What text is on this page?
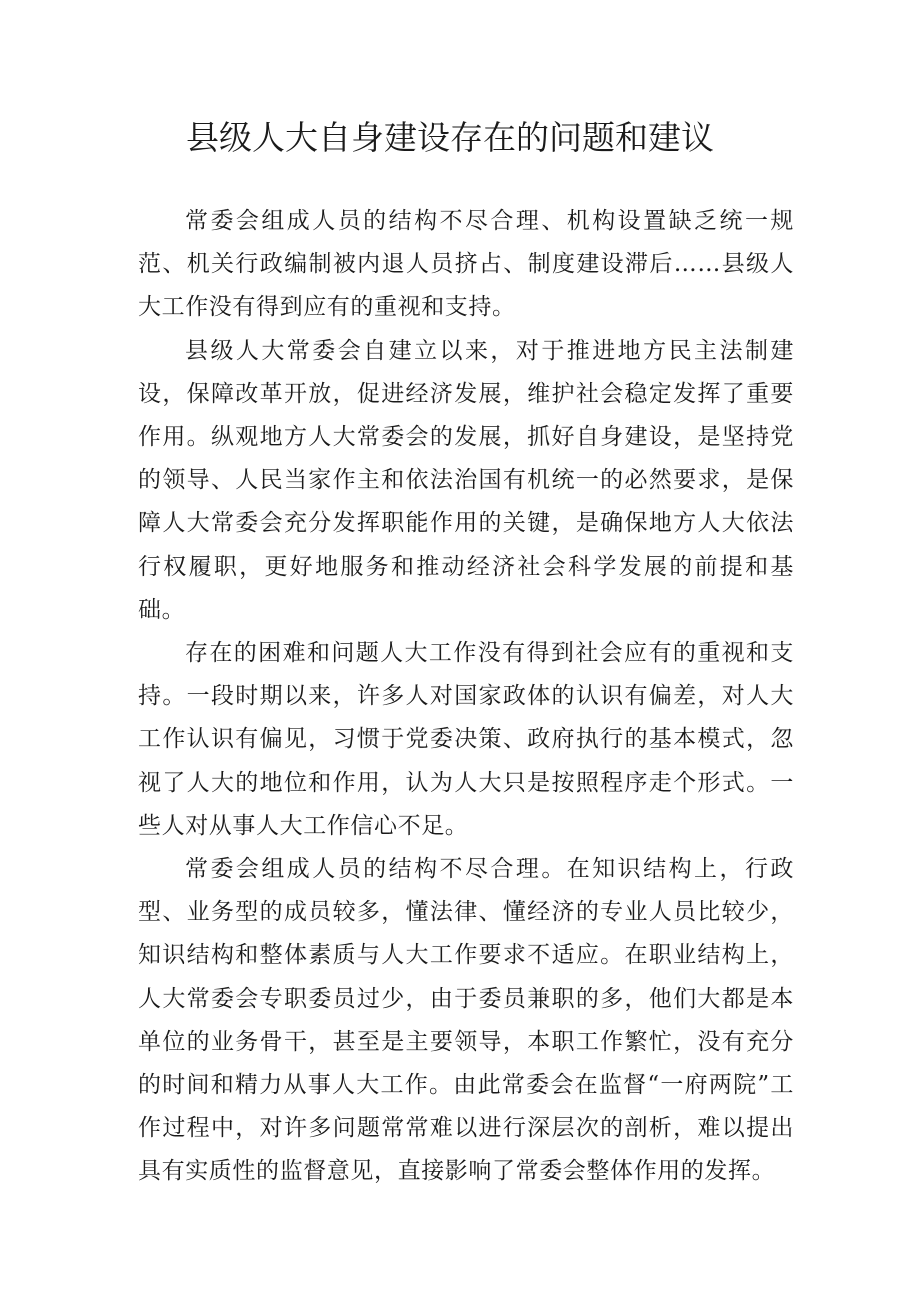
县级人大自身建设存在的问题和建议

常委会组成人员的结构不尽合理、机构设置缺乏统一规范、机关行政编制被内退人员挤占、制度建设滞后……县级人大工作没有得到应有的重视和支持。

县级人大常委会自建立以来，对于推进地方民主法制建设，保障改革开放，促进经济发展，维护社会稳定发挥了重要作用。纵观地方人大常委会的发展，抓好自身建设，是坚持党的领导、人民当家作主和依法治国有机统一的必然要求，是保障人大常委会充分发挥职能作用的关键，是确保地方人大依法行权履职，更好地服务和推动经济社会科学发展的前提和基础。

存在的困难和问题人大工作没有得到社会应有的重视和支持。一段时期以来，许多人对国家政体的认识有偏差，对人大工作认识有偏见，习惯于党委决策、政府执行的基本模式，忽视了人大的地位和作用，认为人大只是按照程序走个形式。一些人对从事人大工作信心不足。

常委会组成人员的结构不尽合理。在知识结构上，行政型、业务型的成员较多，懂法律、懂经济的专业人员比较少，知识结构和整体素质与人大工作要求不适应。在职业结构上，人大常委会专职委员过少，由于委员兼职的多，他们大都是本单位的业务骨干，甚至是主要领导，本职工作繁忙，没有充分的时间和精力从事人大工作。由此常委会在监督“一府两院”工作过程中，对许多问题常常难以进行深层次的剖析，难以提出具有实质性的监督意见，直接影响了常委会整体作用的发挥。
